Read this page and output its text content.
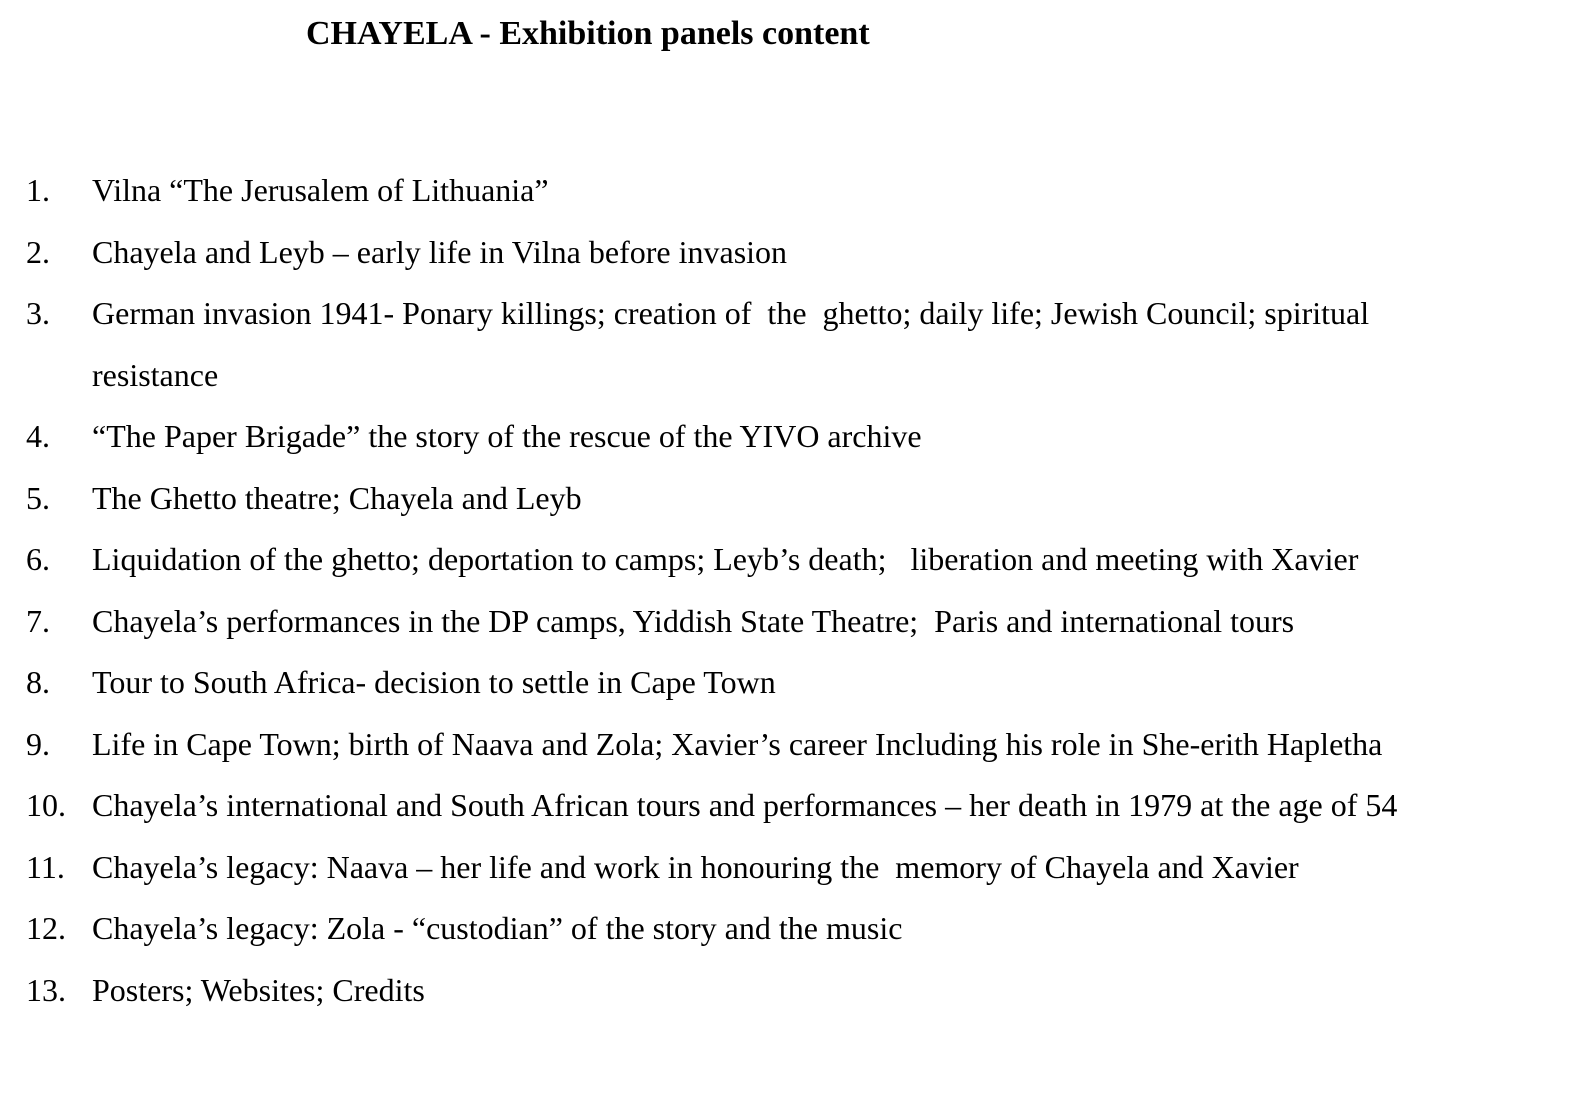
CHAYELA - Exhibition panels content
1. Vilna “The Jerusalem of Lithuania”
2. Chayela and Leyb – early life in Vilna before invasion
3. German invasion 1941- Ponary killings; creation of  the  ghetto; daily life; Jewish Council; spiritual
resistance
4. “The Paper Brigade” the story of the rescue of the YIVO archive
5. The Ghetto theatre; Chayela and Leyb
6. Liquidation of the ghetto; deportation to camps; Leyb’s death;   liberation and meeting with Xavier
7. Chayela’s performances in the DP camps, Yiddish State Theatre;  Paris and international tours
8. Tour to South Africa- decision to settle in Cape Town
9. Life in Cape Town; birth of Naava and Zola; Xavier’s career Including his role in She-erith Hapletha
10. Chayela’s international and South African tours and performances – her death in 1979 at the age of 54
11. Chayela’s legacy: Naava – her life and work in honouring the  memory of Chayela and Xavier
12. Chayela’s legacy: Zola - “custodian” of the story and the music
13. Posters; Websites; Credits
